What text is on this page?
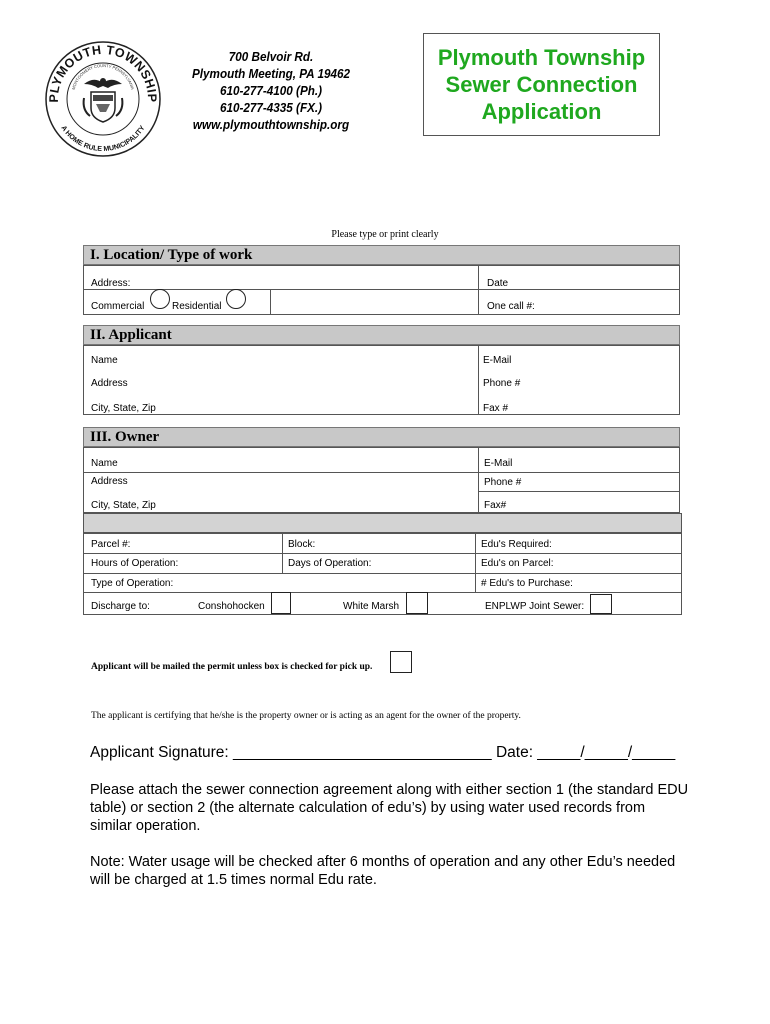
PLYMOUTH TOWNSHIP
A HOME RULE MUNICIPALITY
MONTGOMERY COUNTY PENNSYLVANIA
700 Belvoir Rd.
Plymouth Meeting, PA 19462
610-277-4100 (Ph.)
610-277-4335 (FX.)
www.plymouthtownship.org
Plymouth Township
Sewer Connection
Application
Please type or print clearly
I. Location/ Type of work
Address:	Date
Commercial	Residential	One call #:
II. Applicant
Name	E-Mail
Address	Phone #
City, State, Zip	Fax #
III. Owner
Name	E-Mail
Address	Phone #
City, State, Zip	Fax#
Parcel #:	Block:	Edu's Required:
Hours of Operation:	Days of Operation:	Edu's on Parcel:
Type of Operation:	# Edu's to Purchase:
Discharge to:	Conshohocken	White Marsh	ENPLWP Joint Sewer:
Applicant will be mailed the permit unless box is checked for pick up.
The applicant is certifying that he/she is the property owner or is acting as an agent for the owner of the property.
Applicant Signature: ______________________________ Date: _____/_____/_____
Please attach the sewer connection agreement along with either section 1 (the standard EDU table) or section 2 (the alternate calculation of edu’s) by using water used records from similar operation.
Note: Water usage will be checked after 6 months of operation and any other Edu’s needed will be charged at 1.5 times normal Edu rate.
